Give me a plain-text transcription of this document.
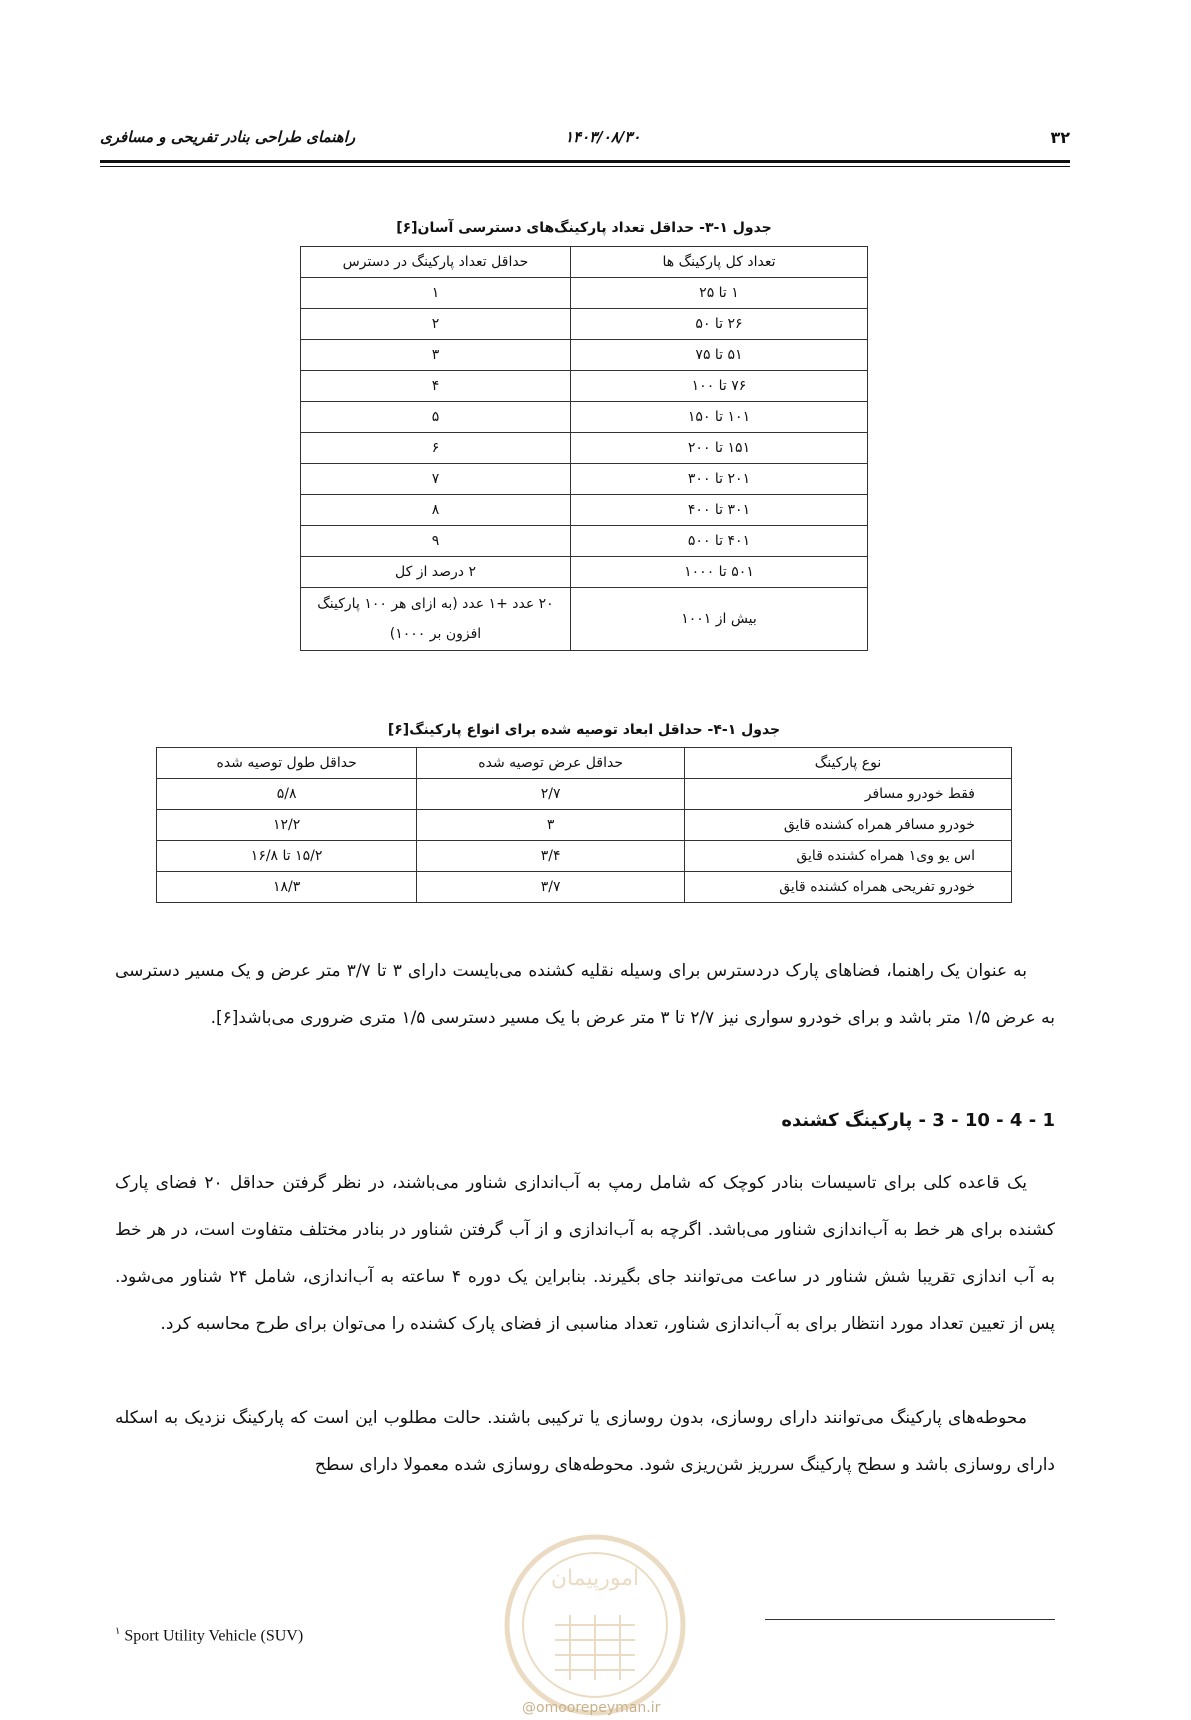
۳۲
۱۴۰۳/۰۸/۳۰
راهنمای طراحی بنادر تفریحی و مسافری
جدول ۱-۳- حداقل تعداد پارکینگ‌های دسترسی آسان[۶]
تعداد کل پارکینگ ها	حداقل تعداد پارکینگ در دسترس
۱ تا ۲۵	۱
۲۶ تا ۵۰	۲
۵۱ تا ۷۵	۳
۷۶ تا ۱۰۰	۴
۱۰۱ تا ۱۵۰	۵
۱۵۱ تا ۲۰۰	۶
۲۰۱ تا ۳۰۰	۷
۳۰۱ تا ۴۰۰	۸
۴۰۱ تا ۵۰۰	۹
۵۰۱ تا ۱۰۰۰	۲ درصد از کل
بیش از ۱۰۰۱	۲۰ عدد +۱ عدد (به ازای هر ۱۰۰ پارکینگ افزون بر ۱۰۰۰)
جدول ۱-۴- حداقل ابعاد توصیه شده برای انواع پارکینگ[۶]
نوع پارکینگ	حداقل عرض توصیه شده	حداقل طول توصیه شده
فقط خودرو مسافر	۲/۷	۵/۸
خودرو مسافر همراه کشنده قایق	۳	۱۲/۲
اس یو وی۱ همراه کشنده قایق	۳/۴	۱۵/۲ تا ۱۶/۸
خودرو تفریحی همراه کشنده قایق	۳/۷	۱۸/۳
به عنوان یک راهنما، فضاهای پارک دردسترس برای وسیله نقلیه کشنده می‌بایست دارای ۳ تا ۳/۷ متر عرض و یک مسیر دسترسی به عرض ۱/۵ متر باشد و برای خودرو سواری نیز ۲/۷ تا ۳ متر عرض با یک مسیر دسترسی ۱/۵ متری ضروری می‌باشد[۶].
1 - 4 - 10 - 3 - پارکینگ کشنده
یک قاعده کلی برای تاسیسات بنادر کوچک که شامل رمپ به آب‌اندازی شناور می‌باشند، در نظر گرفتن حداقل ۲۰ فضای پارک کشنده برای هر خط به آب‌اندازی شناور می‌باشد. اگرچه به آب‌اندازی و از آب گرفتن شناور در بنادر مختلف متفاوت است، در هر خط به آب اندازی تقریبا شش شناور در ساعت می‌توانند جای بگیرند. بنابراین یک دوره ۴ ساعته به آب‌اندازی، شامل ۲۴ شناور می‌شود. پس از تعیین تعداد مورد انتظار برای به آب‌اندازی شناور، تعداد مناسبی از فضای پارک کشنده را می‌توان برای طرح محاسبه کرد.
محوطه‌های پارکینگ می‌توانند دارای روسازی، بدون روسازی یا ترکیبی باشند. حالت مطلوب این است که پارکینگ نزدیک به اسکله دارای روسازی باشد و سطح پارکینگ سرریز شن‌ریزی شود. محوطه‌های روسازی شده معمولا دارای سطح
$^۱$ Sport Utility Vehicle (SUV)
امورپیمان
@omoorepeyman.ir
